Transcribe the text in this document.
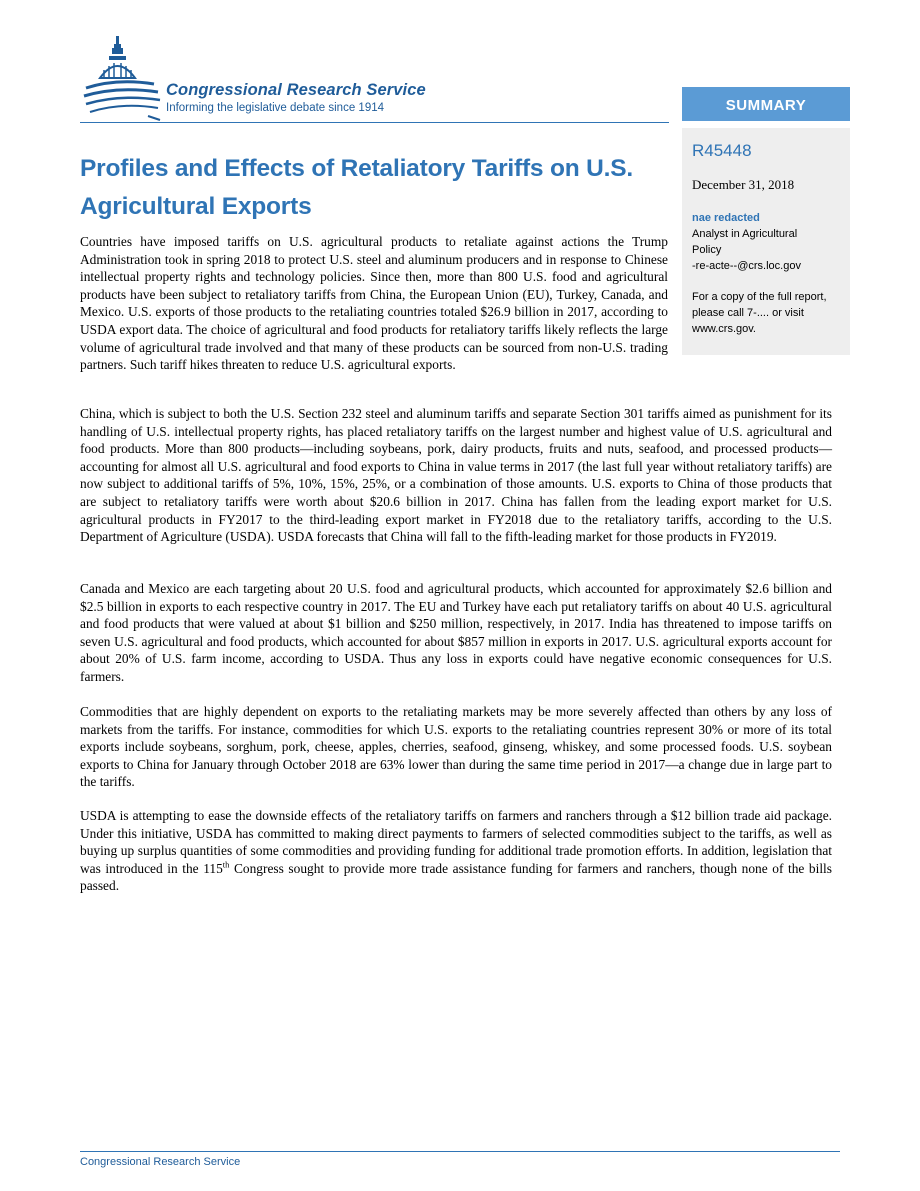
Congressional Research Service
Informing the legislative debate since 1914	SUMMARY
R45448
December 31, 2018
nae redacted
Analyst in Agricultural
Policy
-re-acte--@crs.loc.gov
For a copy of the full report, please call 7-.... or visit www.crs.gov.
Profiles and Effects of Retaliatory Tariffs on U.S. Agricultural Exports

Countries have imposed tariffs on U.S. agricultural products to retaliate against actions the Trump Administration took in spring 2018 to protect U.S. steel and aluminum producers and in response to Chinese intellectual property rights and technology policies. Since then, more than 800 U.S. food and agricultural products have been subject to retaliatory tariffs from China, the European Union (EU), Turkey, Canada, and Mexico. U.S. exports of those products to the retaliating countries totaled $26.9 billion in 2017, according to USDA export data. The choice of agricultural and food products for retaliatory tariffs likely reflects the large volume of agricultural trade involved and that many of these products can be sourced from non-U.S. trading partners. Such tariff hikes threaten to reduce U.S. agricultural exports.

China, which is subject to both the U.S. Section 232 steel and aluminum tariffs and separate Section 301 tariffs aimed as punishment for its handling of U.S. intellectual property rights, has placed retaliatory tariffs on the largest number and highest value of U.S. agricultural and food products. More than 800 products—including soybeans, pork, dairy products, fruits and nuts, seafood, and processed products—accounting for almost all U.S. agricultural and food exports to China in value terms in 2017 (the last full year without retaliatory tariffs) are now subject to additional tariffs of 5%, 10%, 15%, 25%, or a combination of those amounts. U.S. exports to China of those products that are subject to retaliatory tariffs were worth about $20.6 billion in 2017. China has fallen from the leading export market for U.S. agricultural products in FY2017 to the third-leading export market in FY2018 due to the retaliatory tariffs, according to the U.S. Department of Agriculture (USDA). USDA forecasts that China will fall to the fifth-leading market for those products in FY2019.

Canada and Mexico are each targeting about 20 U.S. food and agricultural products, which accounted for approximately $2.6 billion and $2.5 billion in exports to each respective country in 2017. The EU and Turkey have each put retaliatory tariffs on about 40 U.S. agricultural and food products that were valued at about $1 billion and $250 million, respectively, in 2017. India has threatened to impose tariffs on seven U.S. agricultural and food products, which accounted for about $857 million in exports in 2017. U.S. agricultural exports account for about 20% of U.S. farm income, according to USDA. Thus any loss in exports could have negative economic consequences for U.S. farmers.

Commodities that are highly dependent on exports to the retaliating markets may be more severely affected than others by any loss of markets from the tariffs. For instance, commodities for which U.S. exports to the retaliating countries represent 30% or more of its total exports include soybeans, sorghum, pork, cheese, apples, cherries, seafood, ginseng, whiskey, and some processed foods. U.S. soybean exports to China for January through October 2018 are 63% lower than during the same time period in 2017—a change due in large part to the tariffs.

USDA is attempting to ease the downside effects of the retaliatory tariffs on farmers and ranchers through a $12 billion trade aid package. Under this initiative, USDA has committed to making direct payments to farmers of selected commodities subject to the tariffs, as well as buying up surplus quantities of some commodities and providing funding for additional trade promotion efforts. In addition, legislation that was introduced in the 115th Congress sought to provide more trade assistance funding for farmers and ranchers, though none of the bills passed.

Congressional Research Service
